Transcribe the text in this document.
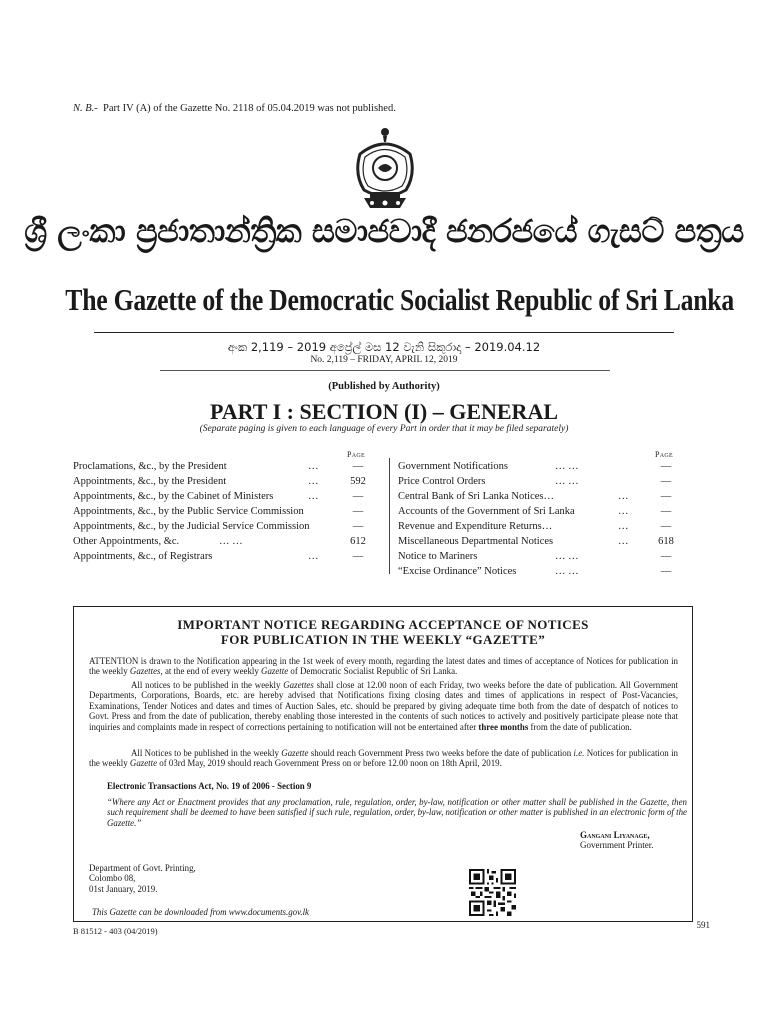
N. B.- Part IV (A) of the Gazette No. 2118 of 05.04.2019 was not published.
ශ්‍රී ලංකා ප්‍රජාතාන්ත්‍රික සමාජවාදී ජනරජයේ ගැසට් පත්‍රය
The Gazette of the Democratic Socialist Republic of Sri Lanka
අංක 2,119 – 2019 අප්‍රේල් මස 12 වැනි සිකුරාදා – 2019.04.12
No. 2,119 – FRIDAY, APRIL 12, 2019
(Published by Authority)
PART I : SECTION (I) – GENERAL
(Separate paging is given to each language of every Part in order that it may be filed separately)
Page	Page
Proclamations, &c., by the President	…	—
Appointments, &c., by the President	…	592
Appointments, &c., by the Cabinet of Ministers	…	—
Appointments, &c., by the Public Service Commission	—
Appointments, &c., by the Judicial Service Commission	—
Other Appointments, &c.	… …	612
Appointments, &c., of Registrars	…	—
Government Notifications	… …	—
Price Control Orders	… …	—
Central Bank of Sri Lanka Notices…	…	—
Accounts of the Government of Sri Lanka	…	—
Revenue and Expenditure Returns…	…	—
Miscellaneous Departmental Notices	…	618
Notice to Mariners	… …	—
“Excise Ordinance” Notices	… …	—
IMPORTANT NOTICE REGARDING ACCEPTANCE OF NOTICES
FOR PUBLICATION IN THE WEEKLY “GAZETTE”
ATTENTION is drawn to the Notification appearing in the 1st week of every month, regarding the latest dates and times of acceptance of Notices for publication in the weekly Gazettes, at the end of every weekly Gazette of Democratic Socialist Republic of Sri Lanka.
All notices to be published in the weekly Gazettes shall close at 12.00 noon of each Friday, two weeks before the date of publication. All Government Departments, Corporations, Boards, etc. are hereby advised that Notifications fixing closing dates and times of applications in respect of Post-Vacancies, Examinations, Tender Notices and dates and times of Auction Sales, etc. should be prepared by giving adequate time both from the date of despatch of notices to Govt. Press and from the date of publication, thereby enabling those interested in the contents of such notices to actively and positively participate please note that inquiries and complaints made in respect of corrections pertaining to notification will not be entertained after three months from the date of publication.
All Notices to be published in the weekly Gazette should reach Government Press two weeks before the date of publication i.e. Notices for publication in the weekly Gazette of 03rd May, 2019 should reach Government Press on or before 12.00 noon on 18th April, 2019.
Electronic Transactions Act, No. 19 of 2006 - Section 9
“Where any Act or Enactment provides that any proclamation, rule, regulation, order, by-law, notification or other matter shall be published in the Gazette, then such requirement shall be deemed to have been satisfied if such rule, regulation, order, by-law, notification or other matter is published in an electronic form of the Gazette.”
Gangani Liyanage,
Government Printer.
Department of Govt. Printing,
Colombo 08,
01st January, 2019.
This Gazette can be downloaded from www.documents.gov.lk
B 81512 - 403 (04/2019)
591
